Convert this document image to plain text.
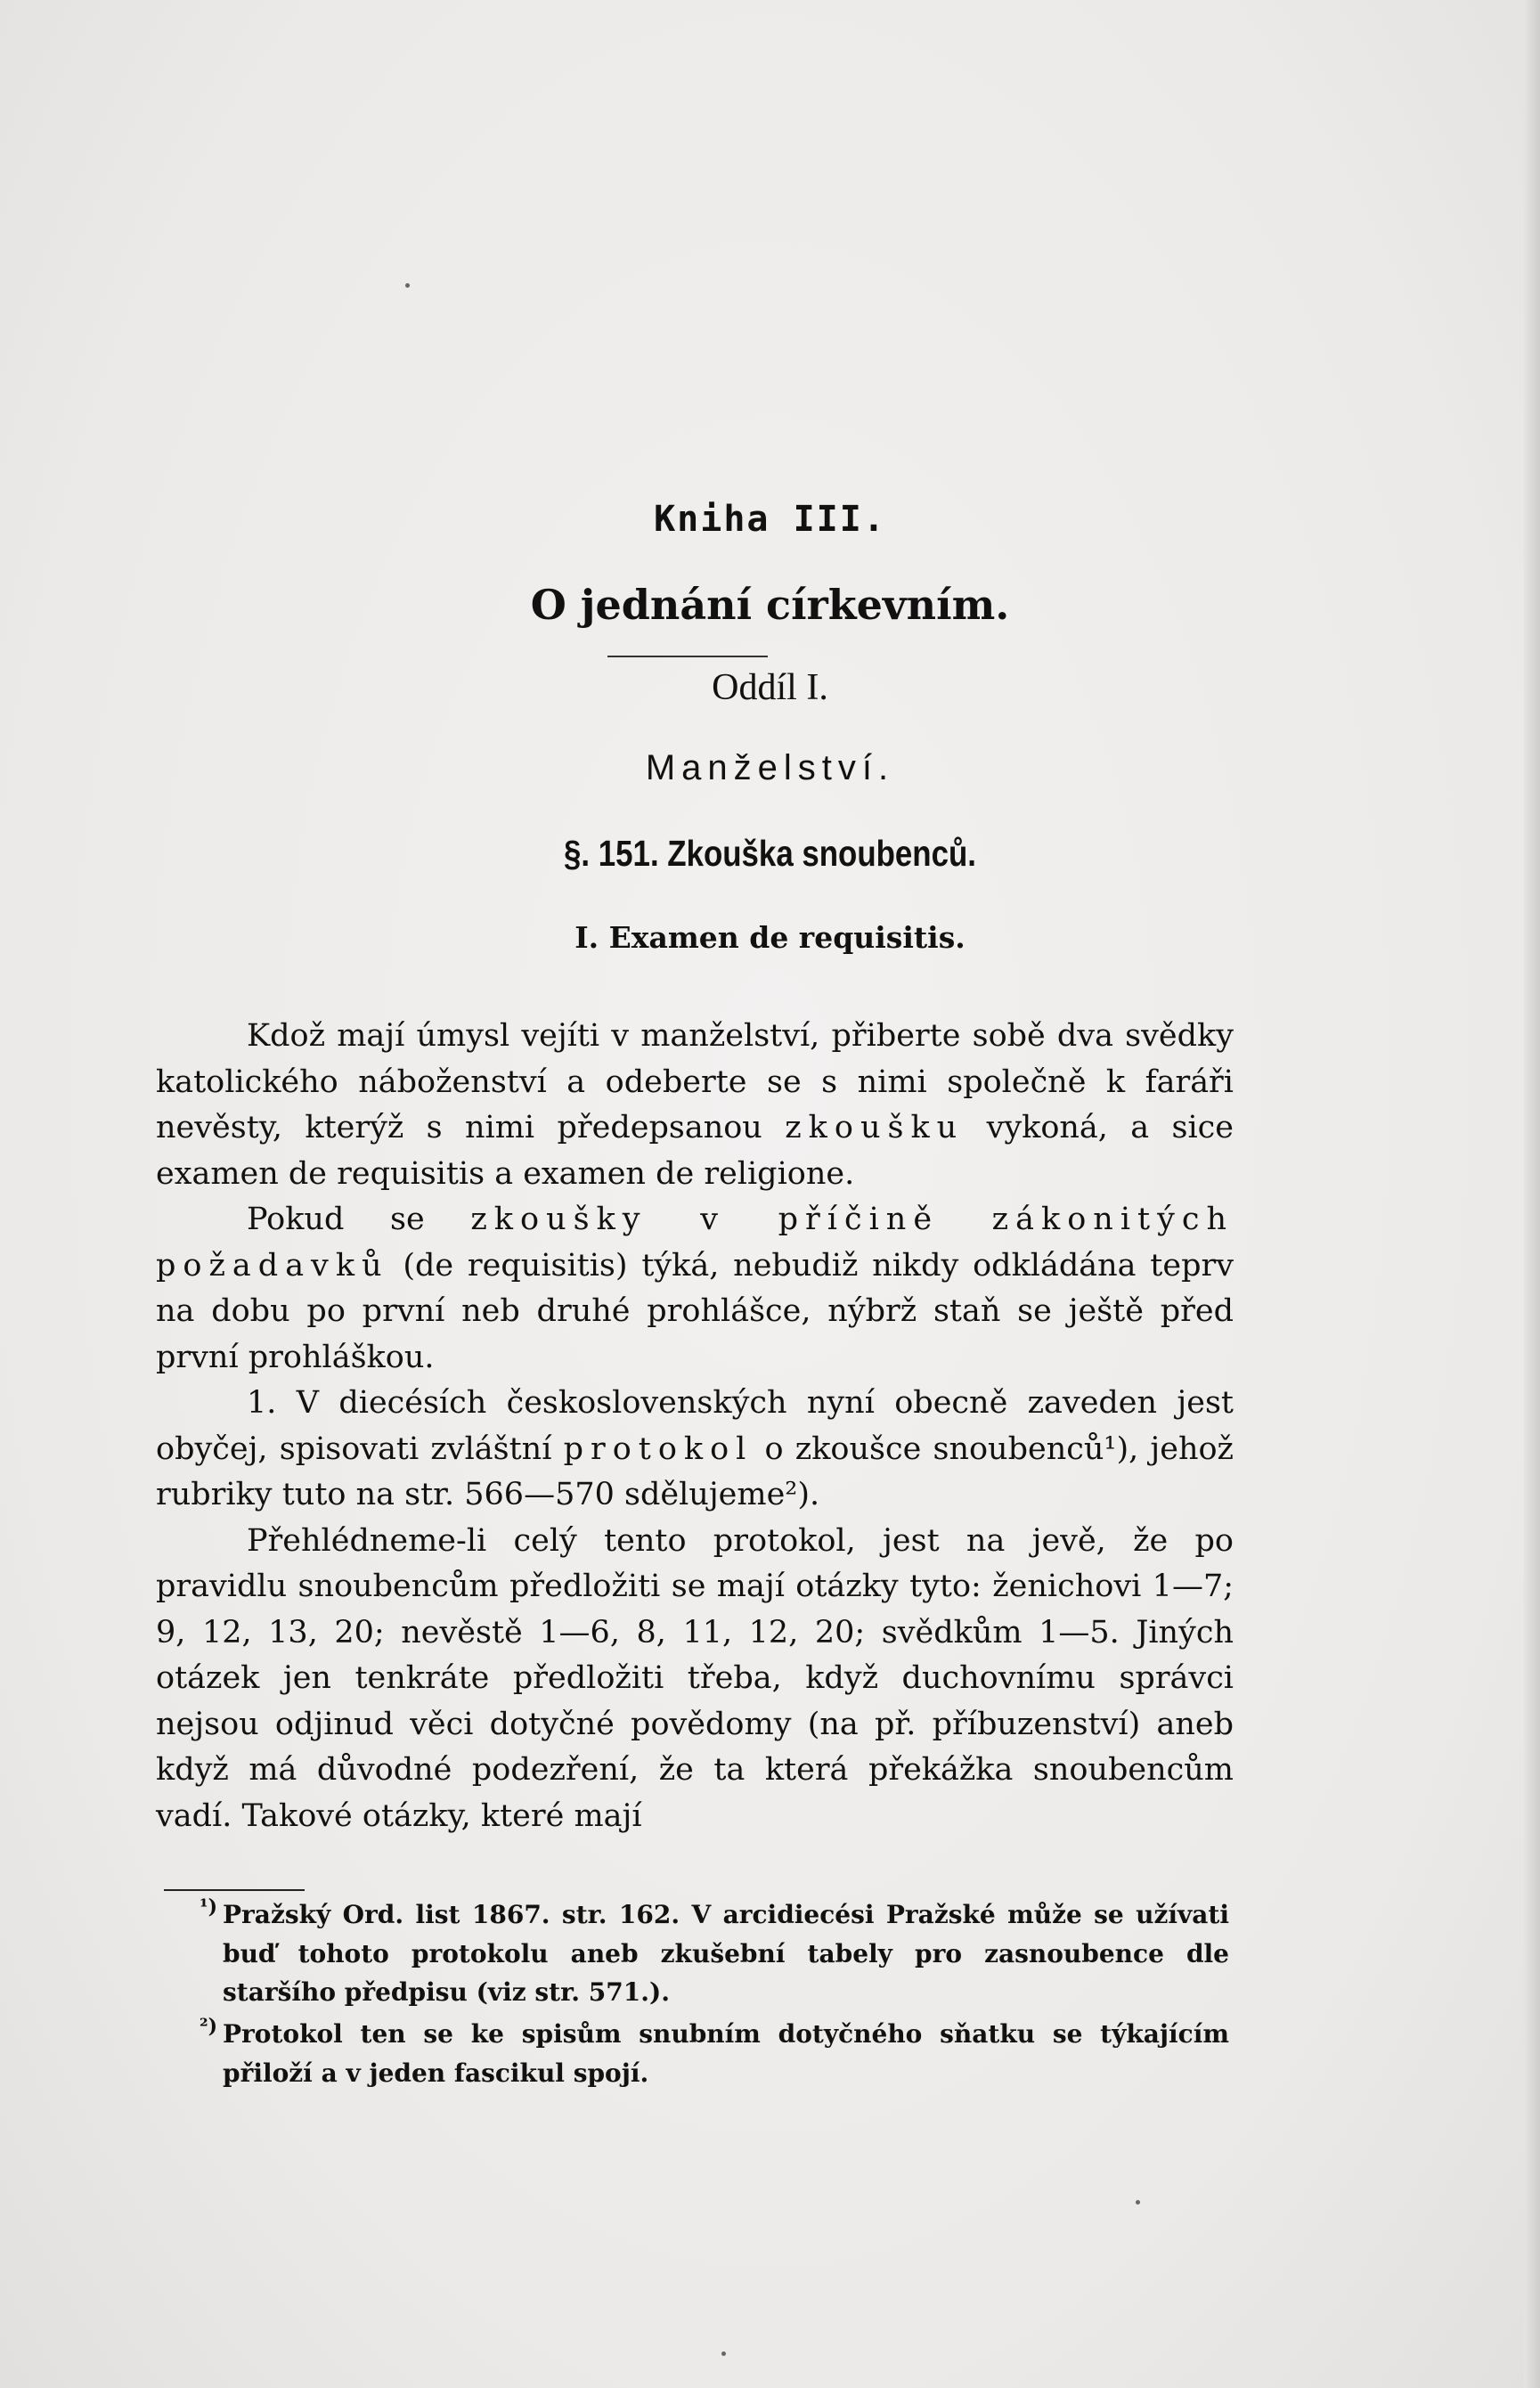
Kniha III.
O jednání církevním.
Oddíl I.
Manželství.
§. 151. Zkouška snoubenců.
I. Examen de requisitis.

Kdož mají úmysl vejíti v manželství, přiberte sobě dva svědky katolického náboženství a odeberte se s nimi společně k faráři nevěsty, kterýž s nimi předepsanou zkoušku vykoná, a sice examen de requisitis a examen de religione.

Pokud se zkoušky v příčině zákonitých požadavků (de requisitis) týká, nebudiž nikdy odkládána teprv na dobu po první neb druhé prohlášce, nýbrž staň se ještě před první prohláškou.

1. V diecésích československých nyní obecně zaveden jest obyčej, spisovati zvláštní protokol o zkoušce snoubenců¹), jehož rubriky tuto na str. 566—570 sdělujeme²).

Přehlédneme-li celý tento protokol, jest na jevě, že po pravidlu snoubencům předložiti se mají otázky tyto: ženichovi 1—7; 9, 12, 13, 20; nevěstě 1—6, 8, 11, 12, 20; svědkům 1—5. Jiných otázek jen tenkráte předložiti třeba, když duchovnímu správci nejsou odjinud věci dotyčné povědomy (na př. příbuzenství) aneb když má důvodné podezření, že ta která překážka snoubencům vadí. Takové otázky, které mají

¹) Pražský Ord. list 1867. str. 162. V arcidiecési Pražské může se užívati buď tohoto protokolu aneb zkušební tabely pro zasnoubence dle staršího předpisu (viz str. 571.).

²) Protokol ten se ke spisům snubním dotyčného sňatku se týkajícím přiloží a v jeden fascikul spojí.
